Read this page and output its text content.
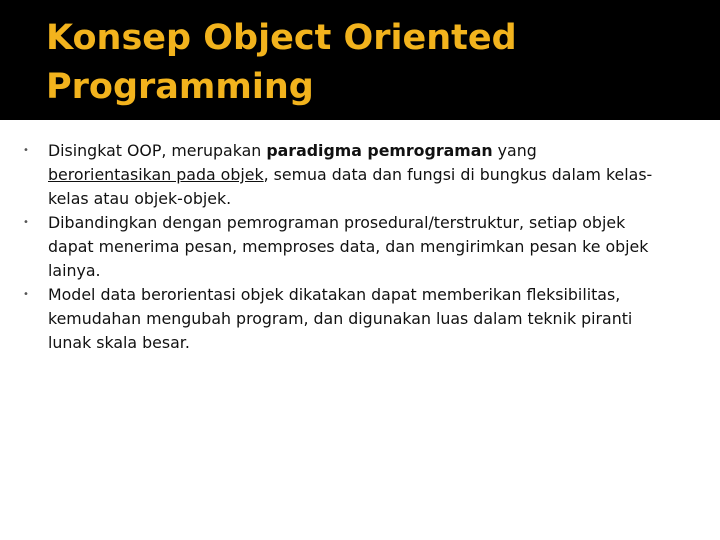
Konsep Object Oriented Programming
•	Disingkat OOP, merupakan paradigma pemrograman yang berorientasikan pada objek, semua data dan fungsi di bungkus dalam kelas-kelas atau objek-objek.
•	Dibandingkan dengan pemrograman prosedural/terstruktur, setiap objek dapat menerima pesan, memproses data, dan mengirimkan pesan ke objek lainya.
•	Model data berorientasi objek dikatakan dapat memberikan fleksibilitas, kemudahan mengubah program, dan digunakan luas dalam teknik piranti lunak skala besar.
